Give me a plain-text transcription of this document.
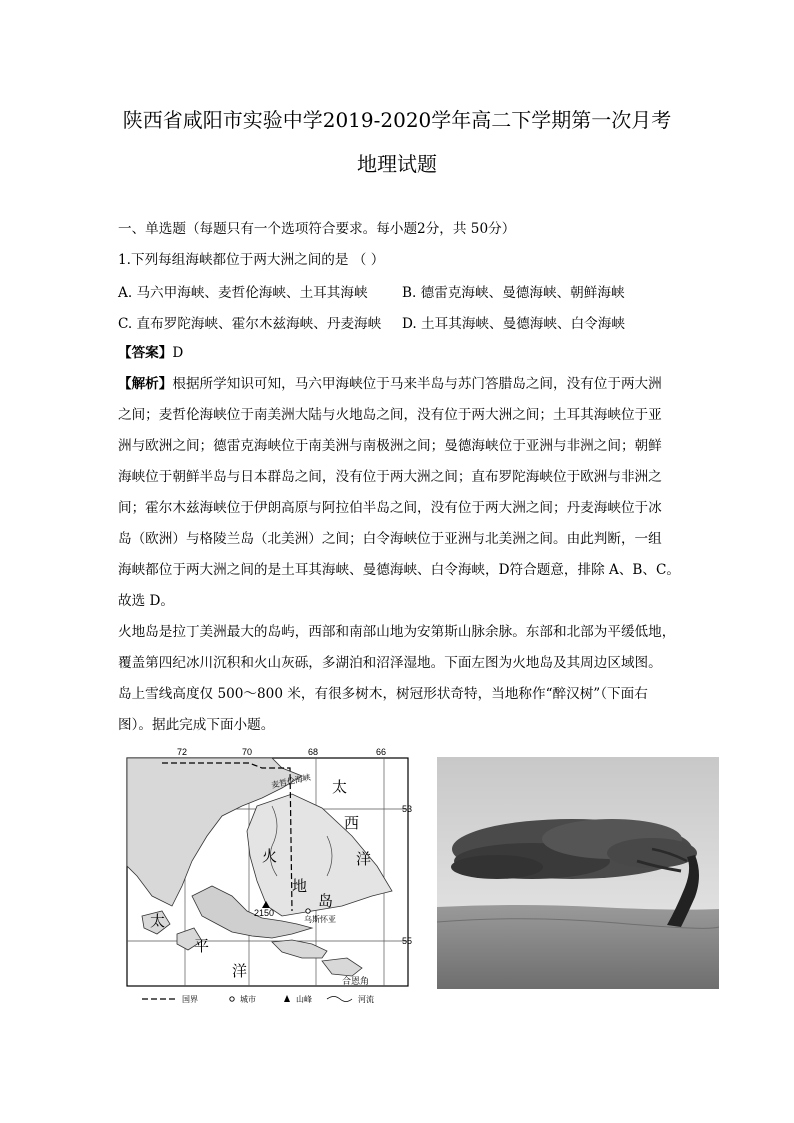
陕西省咸阳市实验中学2019-2020学年高二下学期第一次月考
地理试题
一、单选题（每题只有一个选项符合要求。每小题2分，共 50分）
1.下列每组海峡都位于两大洲之间的是 （ ）
A. 马六甲海峡、麦哲伦海峡、土耳其海峡	B. 德雷克海峡、曼德海峡、朝鲜海峡
C. 直布罗陀海峡、霍尔木兹海峡、丹麦海峡 D. 土耳其海峡、曼德海峡、白令海峡
【答案】D
【解析】根据所学知识可知，马六甲海峡位于马来半岛与苏门答腊岛之间，没有位于两大洲
之间；麦哲伦海峡位于南美洲大陆与火地岛之间，没有位于两大洲之间；土耳其海峡位于亚
洲与欧洲之间；德雷克海峡位于南美洲与南极洲之间；曼德海峡位于亚洲与非洲之间；朝鲜
海峡位于朝鲜半岛与日本群岛之间，没有位于两大洲之间；直布罗陀海峡位于欧洲与非洲之
间；霍尔木兹海峡位于伊朗高原与阿拉伯半岛之间，没有位于两大洲之间；丹麦海峡位于冰
岛（欧洲）与格陵兰岛（北美洲）之间；白令海峡位于亚洲与北美洲之间。由此判断，一组
海峡都位于两大洲之间的是土耳其海峡、曼德海峡、白令海峡，D符合题意，排除 A、B、C。
故选 D。
火地岛是拉丁美洲最大的岛屿，西部和南部山地为安第斯山脉余脉。东部和北部为平缓低地，
覆盖第四纪冰川沉积和火山灰砾，多湖泊和沼泽湿地。下面左图为火地岛及其周边区域图。
岛上雪线高度仅 500～800 米，有很多树木，树冠形状奇特，当地称作“醉汉树”（下面右
图）。据此完成下面小题。
72	70	68	66
53
55
麦哲伦海峡 太
西
洋
太
平
洋
火
地
岛
2150
乌斯怀亚
合恩角
国界	城市	山峰	河流
